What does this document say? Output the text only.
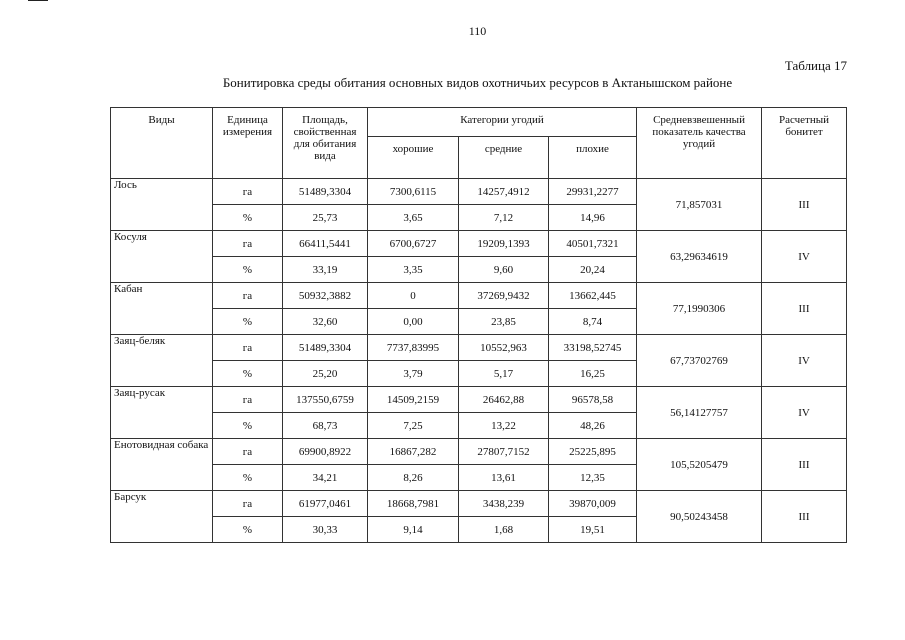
110
Таблица 17
Бонитировка среды обитания основных видов охотничьих ресурсов в Актанышском районе
Виды	Единица измерения	Площадь, свойственная для обитания вида	Категории угодий			Средневзвешенный показатель качества угодий	Расчетный бонитет
			хорошие	средние	плохие		
Лось	га	51489,3304	7300,6115	14257,4912	29931,2277	71,857031	III
	%	25,73	3,65	7,12	14,96		
Косуля	га	66411,5441	6700,6727	19209,1393	40501,7321	63,29634619	IV
	%	33,19	3,35	9,60	20,24		
Кабан	га	50932,3882	0	37269,9432	13662,445	77,1990306	III
	%	32,60	0,00	23,85	8,74		
Заяц-беляк	га	51489,3304	7737,83995	10552,963	33198,52745	67,73702769	IV
	%	25,20	3,79	5,17	16,25		
Заяц-русак	га	137550,6759	14509,2159	26462,88	96578,58	56,14127757	IV
	%	68,73	7,25	13,22	48,26		
Енотовидная собака	га	69900,8922	16867,282	27807,7152	25225,895	105,5205479	III
	%	34,21	8,26	13,61	12,35		
Барсук	га	61977,0461	18668,7981	3438,239	39870,009	90,50243458	III
	%	30,33	9,14	1,68	19,51		
